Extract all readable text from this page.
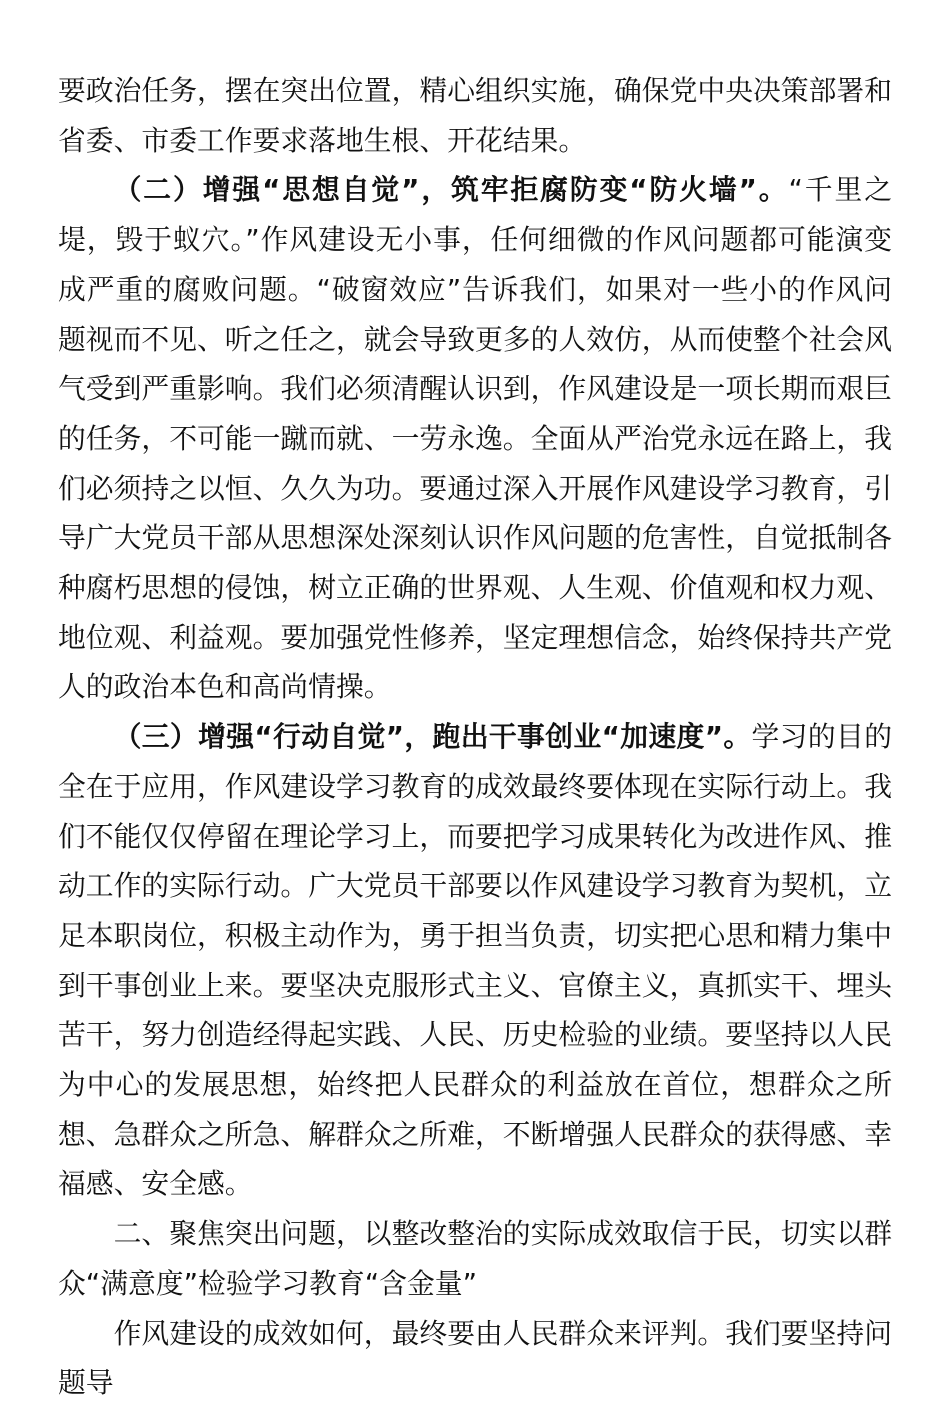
要政治任务，摆在突出位置，精心组织实施，确保党中央决策部署和省委、市委工作要求落地生根、开花结果。

（二）增强“思想自觉”，筑牢拒腐防变“防火墙”。“千里之堤，毁于蚁穴。”作风建设无小事，任何细微的作风问题都可能演变成严重的腐败问题。“破窗效应”告诉我们，如果对一些小的作风问题视而不见、听之任之，就会导致更多的人效仿，从而使整个社会风气受到严重影响。我们必须清醒认识到，作风建设是一项长期而艰巨的任务，不可能一蹴而就、一劳永逸。全面从严治党永远在路上，我们必须持之以恒、久久为功。要通过深入开展作风建设学习教育，引导广大党员干部从思想深处深刻认识作风问题的危害性，自觉抵制各种腐朽思想的侵蚀，树立正确的世界观、人生观、价值观和权力观、地位观、利益观。要加强党性修养，坚定理想信念，始终保持共产党人的政治本色和高尚情操。

（三）增强“行动自觉”，跑出干事创业“加速度”。学习的目的全在于应用，作风建设学习教育的成效最终要体现在实际行动上。我们不能仅仅停留在理论学习上，而要把学习成果转化为改进作风、推动工作的实际行动。广大党员干部要以作风建设学习教育为契机，立足本职岗位，积极主动作为，勇于担当负责，切实把心思和精力集中到干事创业上来。要坚决克服形式主义、官僚主义，真抓实干、埋头苦干，努力创造经得起实践、人民、历史检验的业绩。要坚持以人民为中心的发展思想，始终把人民群众的利益放在首位，想群众之所想、急群众之所急、解群众之所难，不断增强人民群众的获得感、幸福感、安全感。

二、聚焦突出问题，以整改整治的实际成效取信于民，切实以群众“满意度”检验学习教育“含金量”

作风建设的成效如何，最终要由人民群众来评判。我们要坚持问题导
